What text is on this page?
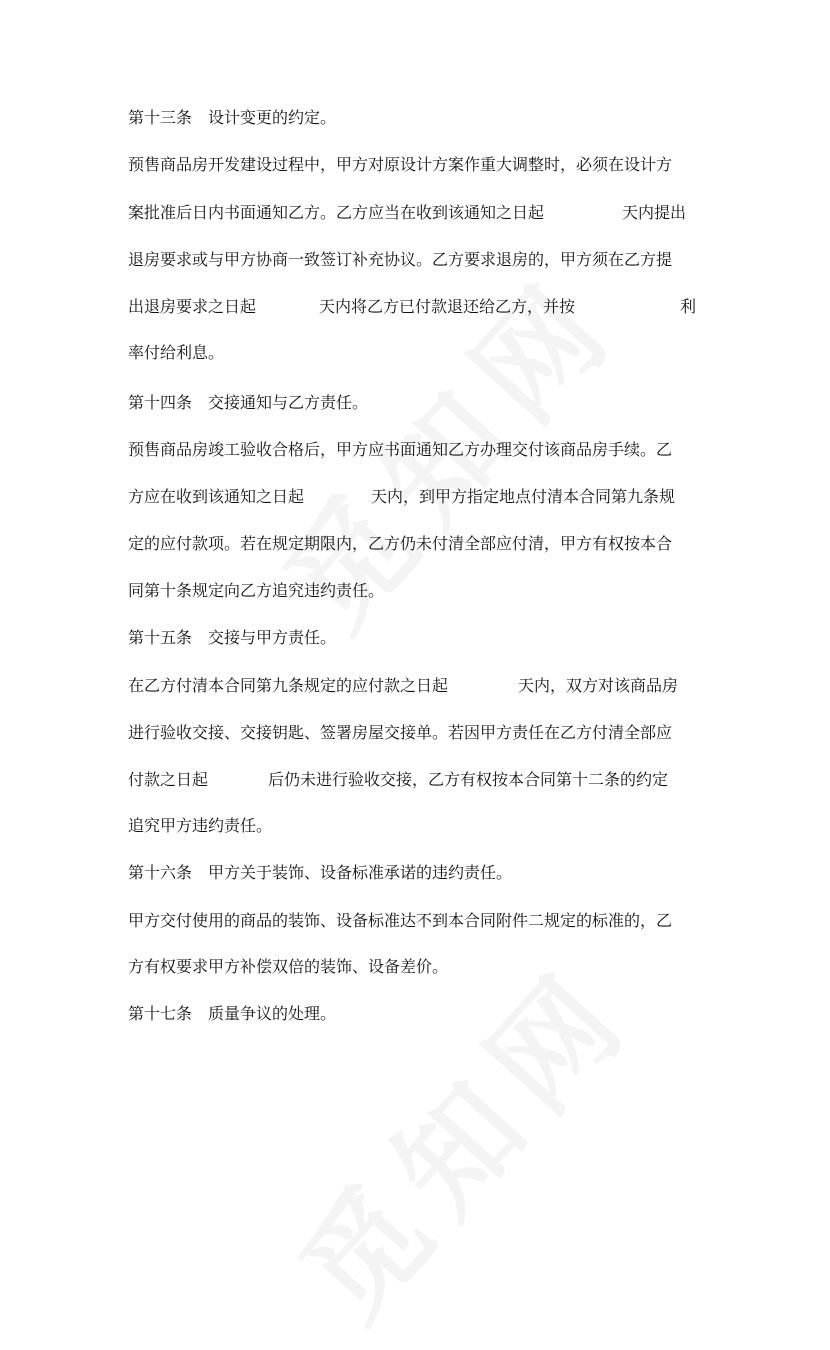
第十三条　设计变更的约定。
预售商品房开发建设过程中，甲方对原设计方案作重大调整时，必须在设计方
案批准后日内书面通知乙方。乙方应当在收到该通知之日起	天内提出
退房要求或与甲方协商一致签订补充协议。乙方要求退房的，甲方须在乙方提
出退房要求之日起	天内将乙方已付款退还给乙方，并按	利
率付给利息。
第十四条　交接通知与乙方责任。
预售商品房竣工验收合格后，甲方应书面通知乙方办理交付该商品房手续。乙
方应在收到该通知之日起	天内，到甲方指定地点付清本合同第九条规
定的应付款项。若在规定期限内，乙方仍未付清全部应付清，甲方有权按本合
同第十条规定向乙方追究违约责任。
第十五条　交接与甲方责任。
在乙方付清本合同第九条规定的应付款之日起	天内，双方对该商品房
进行验收交接、交接钥匙、签署房屋交接单。若因甲方责任在乙方付清全部应
付款之日起	后仍未进行验收交接，乙方有权按本合同第十二条的约定
追究甲方违约责任。
第十六条　甲方关于装饰、设备标准承诺的违约责任。
甲方交付使用的商品的装饰、设备标准达不到本合同附件二规定的标准的，乙
方有权要求甲方补偿双倍的装饰、设备差价。
第十七条　质量争议的处理。
